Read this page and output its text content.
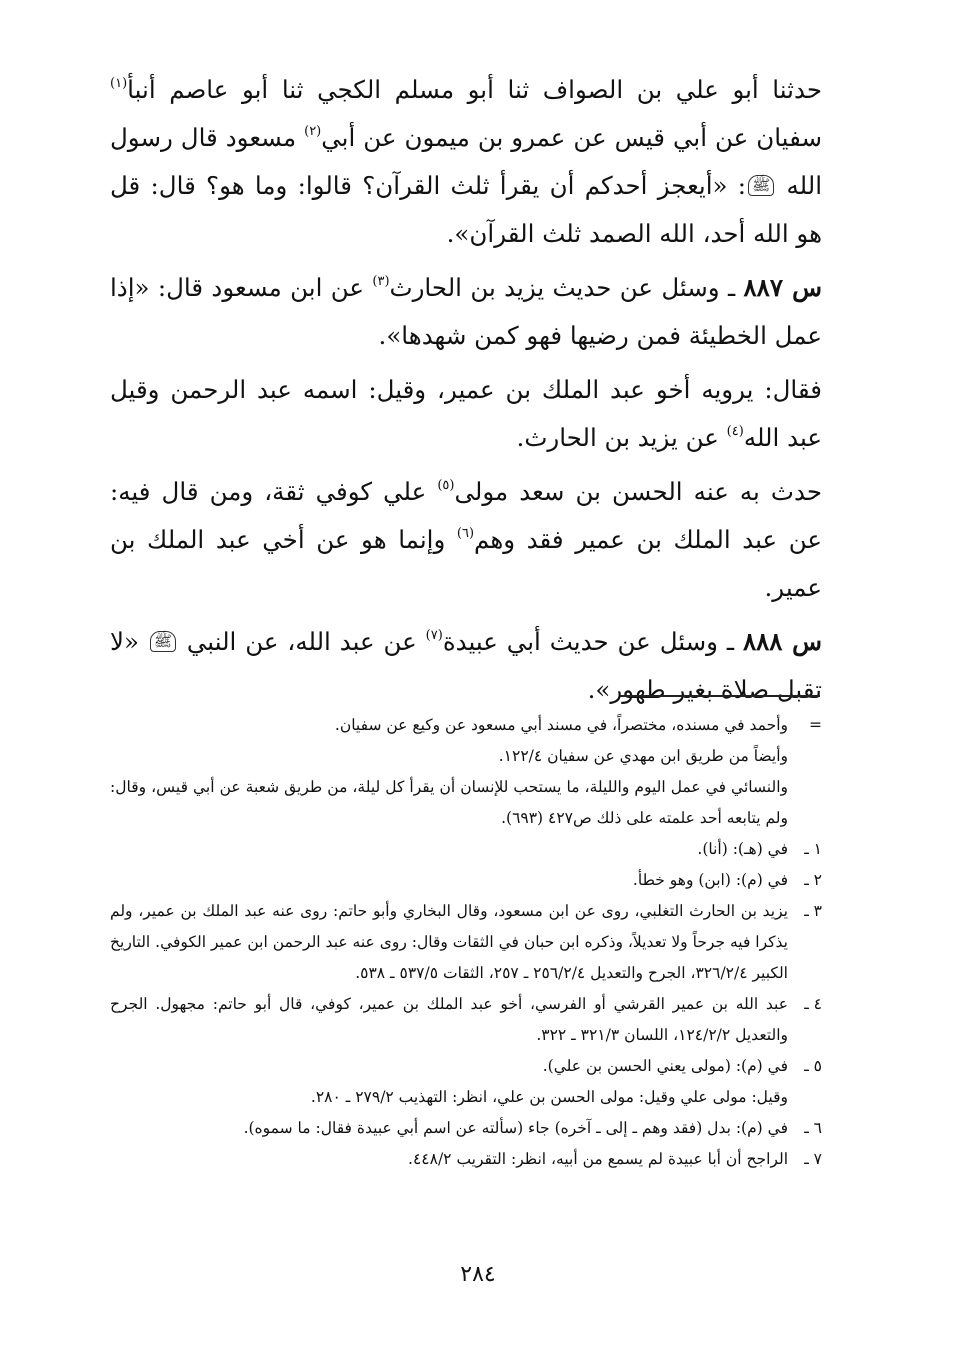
حدثنا أبو علي بن الصواف ثنا أبو مسلم الكجي ثنا أبو عاصم أنبأ$^{(١)}$ سفيان عن أبي قيس عن عمرو بن ميمون عن أبي$^{(٢)}$ مسعود قال رسول الله ﷺ: «أيعجز أحدكم أن يقرأ ثلث القرآن؟ قالوا: وما هو؟ قال: قل هو الله أحد، الله الصمد ثلث القرآن».

س ٨٨٧ ـ وسئل عن حديث يزيد بن الحارث$^{(٣)}$ عن ابن مسعود قال: «إذا عمل الخطيئة فمن رضيها فهو كمن شهدها».

فقال: يرويه أخو عبد الملك بن عمير، وقيل: اسمه عبد الرحمن وقيل عبد الله$^{(٤)}$ عن يزيد بن الحارث.

حدث به عنه الحسن بن سعد مولى$^{(٥)}$ علي كوفي ثقة، ومن قال فيه: عن عبد الملك بن عمير فقد وهم$^{(٦)}$ وإنما هو عن أخي عبد الملك بن عمير.

س ٨٨٨ ـ وسئل عن حديث أبي عبيدة$^{(٧)}$ عن عبد الله، عن النبي ﷺ «لا تقبل صلاة بغير طهور».

=
وأحمد في مسنده، مختصراً، في مسند أبي مسعود عن وكيع عن سفيان.
وأيضاً من طريق ابن مهدي عن سفيان ١٢٢/٤.
والنسائي في عمل اليوم والليلة، ما يستحب للإنسان أن يقرأ كل ليلة، من طريق شعبة عن أبي قيس، وقال: ولم يتابعه أحد علمته على ذلك ص٤٢٧ (٦٩٣).
١ ـ
في (هـ): (أنا).
٢ ـ
في (م): (ابن) وهو خطأ.
٣ ـ
يزيد بن الحارث التغلبي، روى عن ابن مسعود، وقال البخاري وأبو حاتم: روى عنه عبد الملك بن عمير، ولم يذكرا فيه جرحاً ولا تعديلاً، وذكره ابن حبان في الثقات وقال: روى عنه عبد الرحمن ابن عمير الكوفي. التاريخ الكبير ٣٢٦/٢/٤، الجرح والتعديل ٢٥٦/٢/٤ ـ ٢٥٧، الثقات ٥٣٧/٥ ـ ٥٣٨.
٤ ـ
عبد الله بن عمير القرشي أو الفرسي، أخو عبد الملك بن عمير، كوفي، قال أبو حاتم: مجهول. الجرح والتعديل ١٢٤/٢/٢، اللسان ٣٢١/٣ ـ ٣٢٢.
٥ ـ
في (م): (مولى يعني الحسن بن علي).
وقيل: مولى علي وقيل: مولى الحسن بن علي، انظر: التهذيب ٢٧٩/٢ ـ ٢٨٠.
٦ ـ
في (م): بدل (فقد وهم ـ إلى ـ آخره) جاء (سألته عن اسم أبي عبيدة فقال: ما سموه).
٧ ـ
الراجح أن أبا عبيدة لم يسمع من أبيه، انظر: التقريب ٤٤٨/٢.
٢٨٤
